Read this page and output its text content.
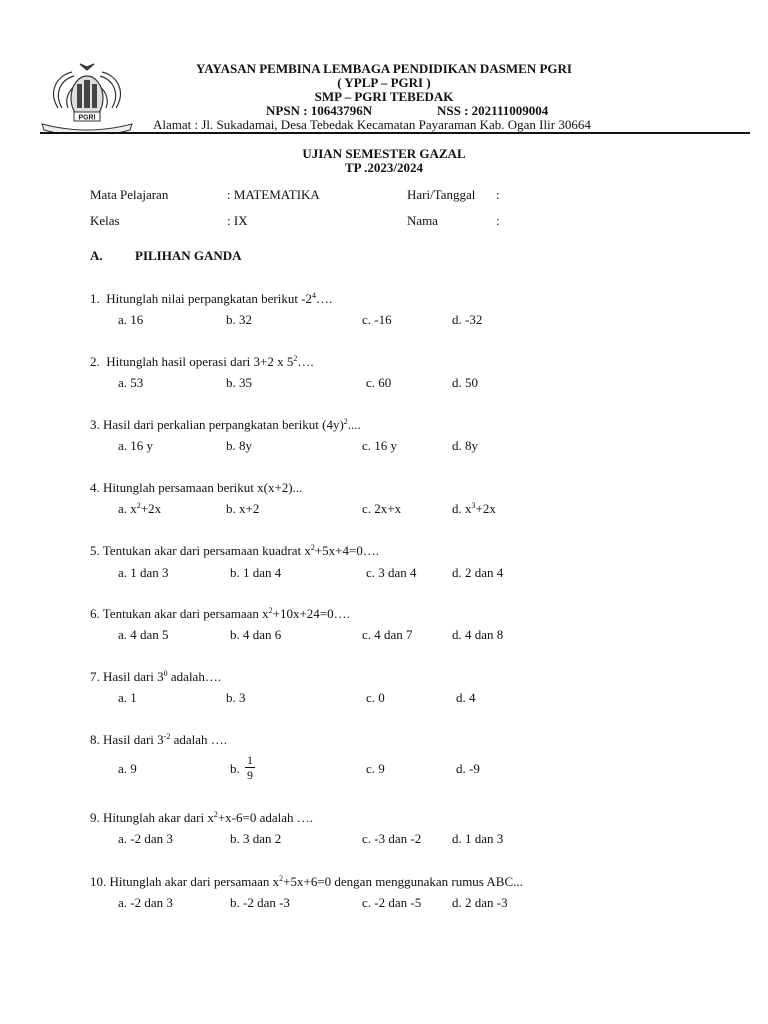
PGRI
YAYASAN PEMBINA LEMBAGA PENDIDIKAN DASMEN PGRI
( YPLP – PGRI )
SMP – PGRI TEBEDAK
NPSN : 10643796N	NSS : 202111009004
Alamat : Jl. Sukadamai, Desa Tebedak Kecamatan Payaraman Kab. Ogan Ilir 30664
UJIAN SEMESTER GAZAL
TP .2023/2024
Mata Pelajaran	: MATEMATIKA	Hari/Tanggal :
Kelas	: IX	Nama	:
A. PILIHAN GANDA
1. Hitunglah nilai perpangkatan berikut $-2^4\dots$.
a. 16	b. 32	c. -16	d. -32
2. Hitunglah hasil operasi dari 3+2 x $5^2\dots$.
a. 53	b. 35	c. 60	d. 50
3. Hasil dari perkalian perpangkatan berikut $(4y)^2$....
a. 16 y	b. 8y	c. 16 y	d. 8y
4. Hitunglah persamaan berikut x(x+2)...
a. $x^2+2x$	b. x+2	c. 2x+x	d. $x^3+2x$
5. Tentukan akar dari persamaan kuadrat $x^2+5x+4=0\dots$.
a. 1 dan 3	b. 1 dan 4	c. 3 dan 4	d. 2 dan 4
6. Tentukan akar dari persamaan $x^2+10x+24=0\dots$.
a. 4 dan 5	b. 4 dan 6	c. 4 dan 7	d. 4 dan 8
7. Hasil dari $3^0$ adalah….
a. 1	b. 3	c. 0	d. 4
8. Hasil dari $3^{-2}$ adalah ….
a. 9	b.
1
9	c. 9	d. -9
9. Hitunglah akar dari $x^2+x-6=0$ adalah ….
a. -2 dan 3	b. 3 dan 2	c. -3 dan -2 d. 1 dan 3
10. Hitunglah akar dari persamaan $x^2+5x+6=0$ dengan menggunakan rumus ABC...
a. -2 dan 3	b. -2 dan -3	c. -2 dan -5 d. 2 dan -3
